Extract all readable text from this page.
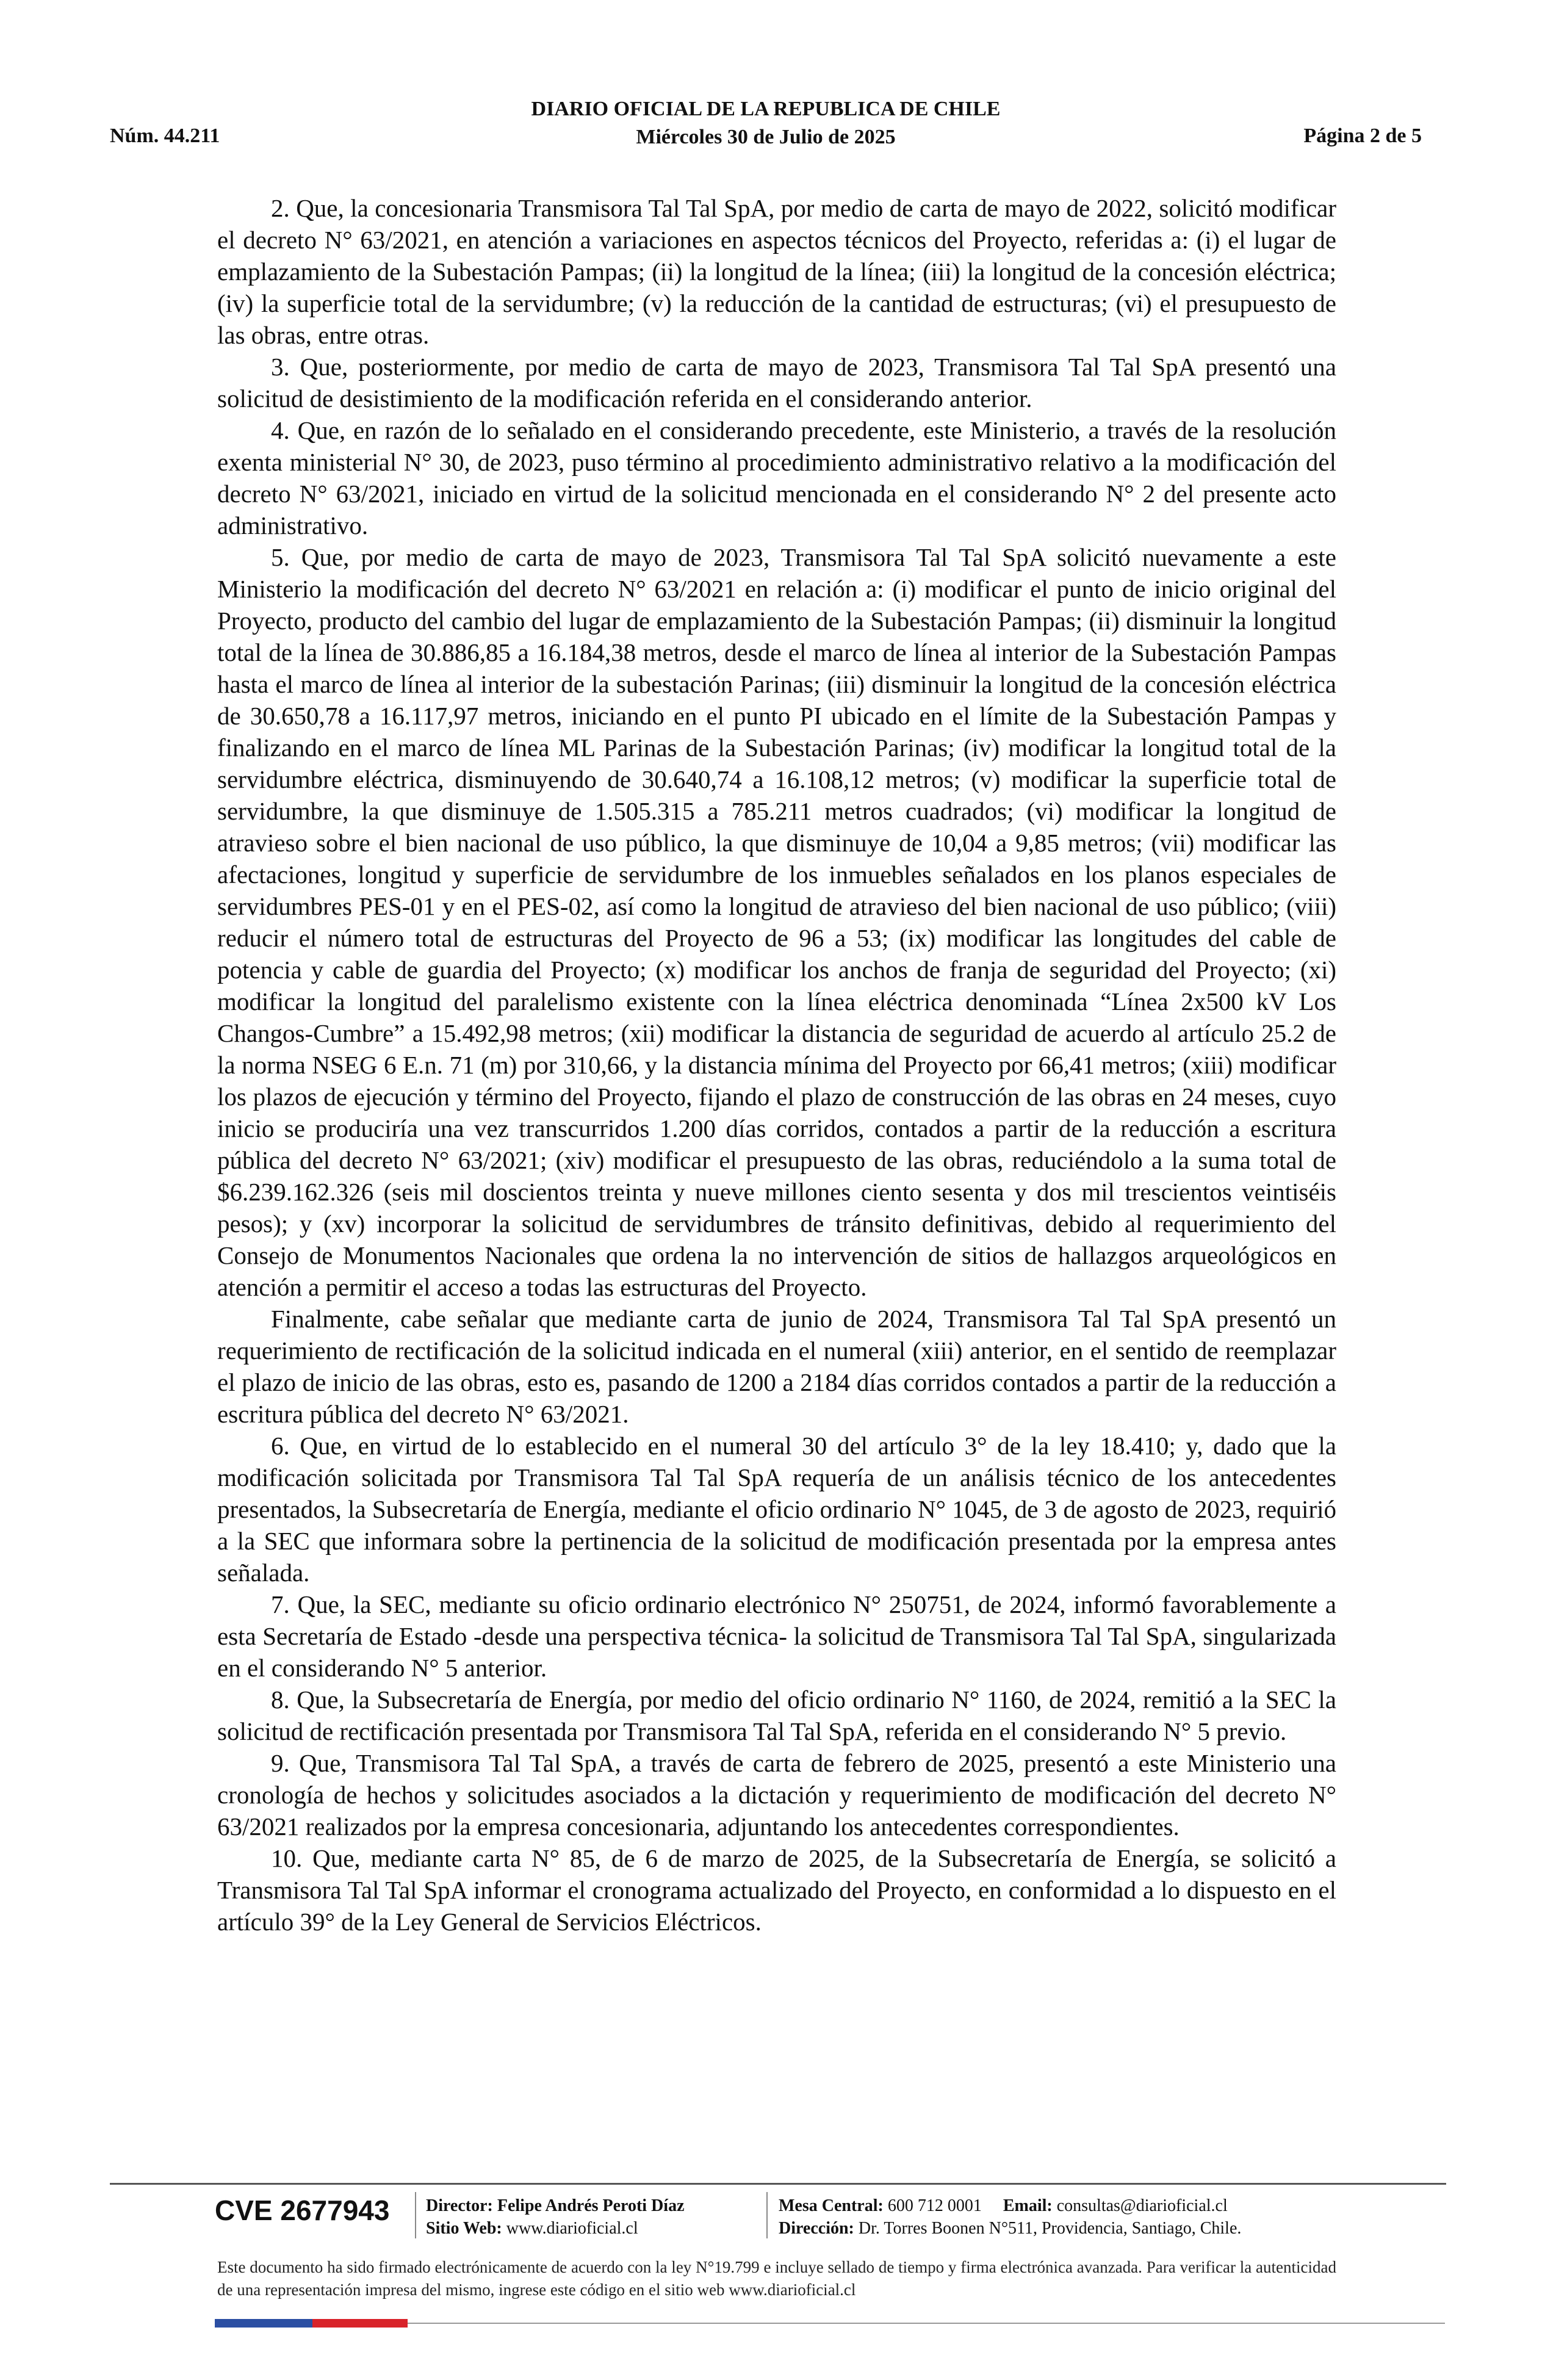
Núm. 44.211
DIARIO OFICIAL DE LA REPUBLICA DE CHILE
Miércoles 30 de Julio de 2025	Página 2 de 5

2. Que, la concesionaria Transmisora Tal Tal SpA, por medio de carta de mayo de 2022, solicitó modificar el decreto N° 63/2021, en atención a variaciones en aspectos técnicos del Proyecto, referidas a: (i) el lugar de emplazamiento de la Subestación Pampas; (ii) la longitud de la línea; (iii) la longitud de la concesión eléctrica; (iv) la superficie total de la servidumbre; (v) la reducción de la cantidad de estructuras; (vi) el presupuesto de las obras, entre otras.

3. Que, posteriormente, por medio de carta de mayo de 2023, Transmisora Tal Tal SpA presentó una solicitud de desistimiento de la modificación referida en el considerando anterior.

4. Que, en razón de lo señalado en el considerando precedente, este Ministerio, a través de la resolución exenta ministerial N° 30, de 2023, puso término al procedimiento administrativo relativo a la modificación del decreto N° 63/2021, iniciado en virtud de la solicitud mencionada en el considerando N° 2 del presente acto administrativo.

5. Que, por medio de carta de mayo de 2023, Transmisora Tal Tal SpA solicitó nuevamente a este Ministerio la modificación del decreto N° 63/2021 en relación a: (i) modificar el punto de inicio original del Proyecto, producto del cambio del lugar de emplazamiento de la Subestación Pampas; (ii) disminuir la longitud total de la línea de 30.886,85 a 16.184,38 metros, desde el marco de línea al interior de la Subestación Pampas hasta el marco de línea al interior de la subestación Parinas; (iii) disminuir la longitud de la concesión eléctrica de 30.650,78 a 16.117,97 metros, iniciando en el punto PI ubicado en el límite de la Subestación Pampas y finalizando en el marco de línea ML Parinas de la Subestación Parinas; (iv) modificar la longitud total de la servidumbre eléctrica, disminuyendo de 30.640,74 a 16.108,12 metros; (v) modificar la superficie total de servidumbre, la que disminuye de 1.505.315 a 785.211 metros cuadrados; (vi) modificar la longitud de atravieso sobre el bien nacional de uso público, la que disminuye de 10,04 a 9,85 metros; (vii) modificar las afectaciones, longitud y superficie de servidumbre de los inmuebles señalados en los planos especiales de servidumbres PES-01 y en el PES-02, así como la longitud de atravieso del bien nacional de uso público; (viii) reducir el número total de estructuras del Proyecto de 96 a 53; (ix) modificar las longitudes del cable de potencia y cable de guardia del Proyecto; (x) modificar los anchos de franja de seguridad del Proyecto; (xi) modificar la longitud del paralelismo existente con la línea eléctrica denominada “Línea 2x500 kV Los Changos-Cumbre” a 15.492,98 metros; (xii) modificar la distancia de seguridad de acuerdo al artículo 25.2 de la norma NSEG 6 E.n. 71 (m) por 310,66, y la distancia mínima del Proyecto por 66,41 metros; (xiii) modificar los plazos de ejecución y término del Proyecto, fijando el plazo de construcción de las obras en 24 meses, cuyo inicio se produciría una vez transcurridos 1.200 días corridos, contados a partir de la reducción a escritura pública del decreto N° 63/2021; (xiv) modificar el presupuesto de las obras, reduciéndolo a la suma total de $6.239.162.326 (seis mil doscientos treinta y nueve millones ciento sesenta y dos mil trescientos veintiséis pesos); y (xv) incorporar la solicitud de servidumbres de tránsito definitivas, debido al requerimiento del Consejo de Monumentos Nacionales que ordena la no intervención de sitios de hallazgos arqueológicos en atención a permitir el acceso a todas las estructuras del Proyecto.

Finalmente, cabe señalar que mediante carta de junio de 2024, Transmisora Tal Tal SpA presentó un requerimiento de rectificación de la solicitud indicada en el numeral (xiii) anterior, en el sentido de reemplazar el plazo de inicio de las obras, esto es, pasando de 1200 a 2184 días corridos contados a partir de la reducción a escritura pública del decreto N° 63/2021.

6. Que, en virtud de lo establecido en el numeral 30 del artículo 3° de la ley 18.410; y, dado que la modificación solicitada por Transmisora Tal Tal SpA requería de un análisis técnico de los antecedentes presentados, la Subsecretaría de Energía, mediante el oficio ordinario N° 1045, de 3 de agosto de 2023, requirió a la SEC que informara sobre la pertinencia de la solicitud de modificación presentada por la empresa antes señalada.

7. Que, la SEC, mediante su oficio ordinario electrónico N° 250751, de 2024, informó favorablemente a esta Secretaría de Estado -desde una perspectiva técnica- la solicitud de Transmisora Tal Tal SpA, singularizada en el considerando N° 5 anterior.

8. Que, la Subsecretaría de Energía, por medio del oficio ordinario N° 1160, de 2024, remitió a la SEC la solicitud de rectificación presentada por Transmisora Tal Tal SpA, referida en el considerando N° 5 previo.

9. Que, Transmisora Tal Tal SpA, a través de carta de febrero de 2025, presentó a este Ministerio una cronología de hechos y solicitudes asociados a la dictación y requerimiento de modificación del decreto N° 63/2021 realizados por la empresa concesionaria, adjuntando los antecedentes correspondientes.

10. Que, mediante carta N° 85, de 6 de marzo de 2025, de la Subsecretaría de Energía, se solicitó a Transmisora Tal Tal SpA informar el cronograma actualizado del Proyecto, en conformidad a lo dispuesto en el artículo 39° de la Ley General de Servicios Eléctricos.

CVE 2677943 Director: Felipe Andrés Peroti Díaz
Sitio Web: www.diarioficial.cl
Mesa Central: 600 712 0001 Email: consultas@diarioficial.cl
Dirección: Dr. Torres Boonen N°511, Providencia, Santiago, Chile.
Este documento ha sido firmado electrónicamente de acuerdo con la ley N°19.799 e incluye sellado de tiempo y firma electrónica avanzada. Para verificar la autenticidad de una representación impresa del mismo, ingrese este código en el sitio web www.diarioficial.cl
